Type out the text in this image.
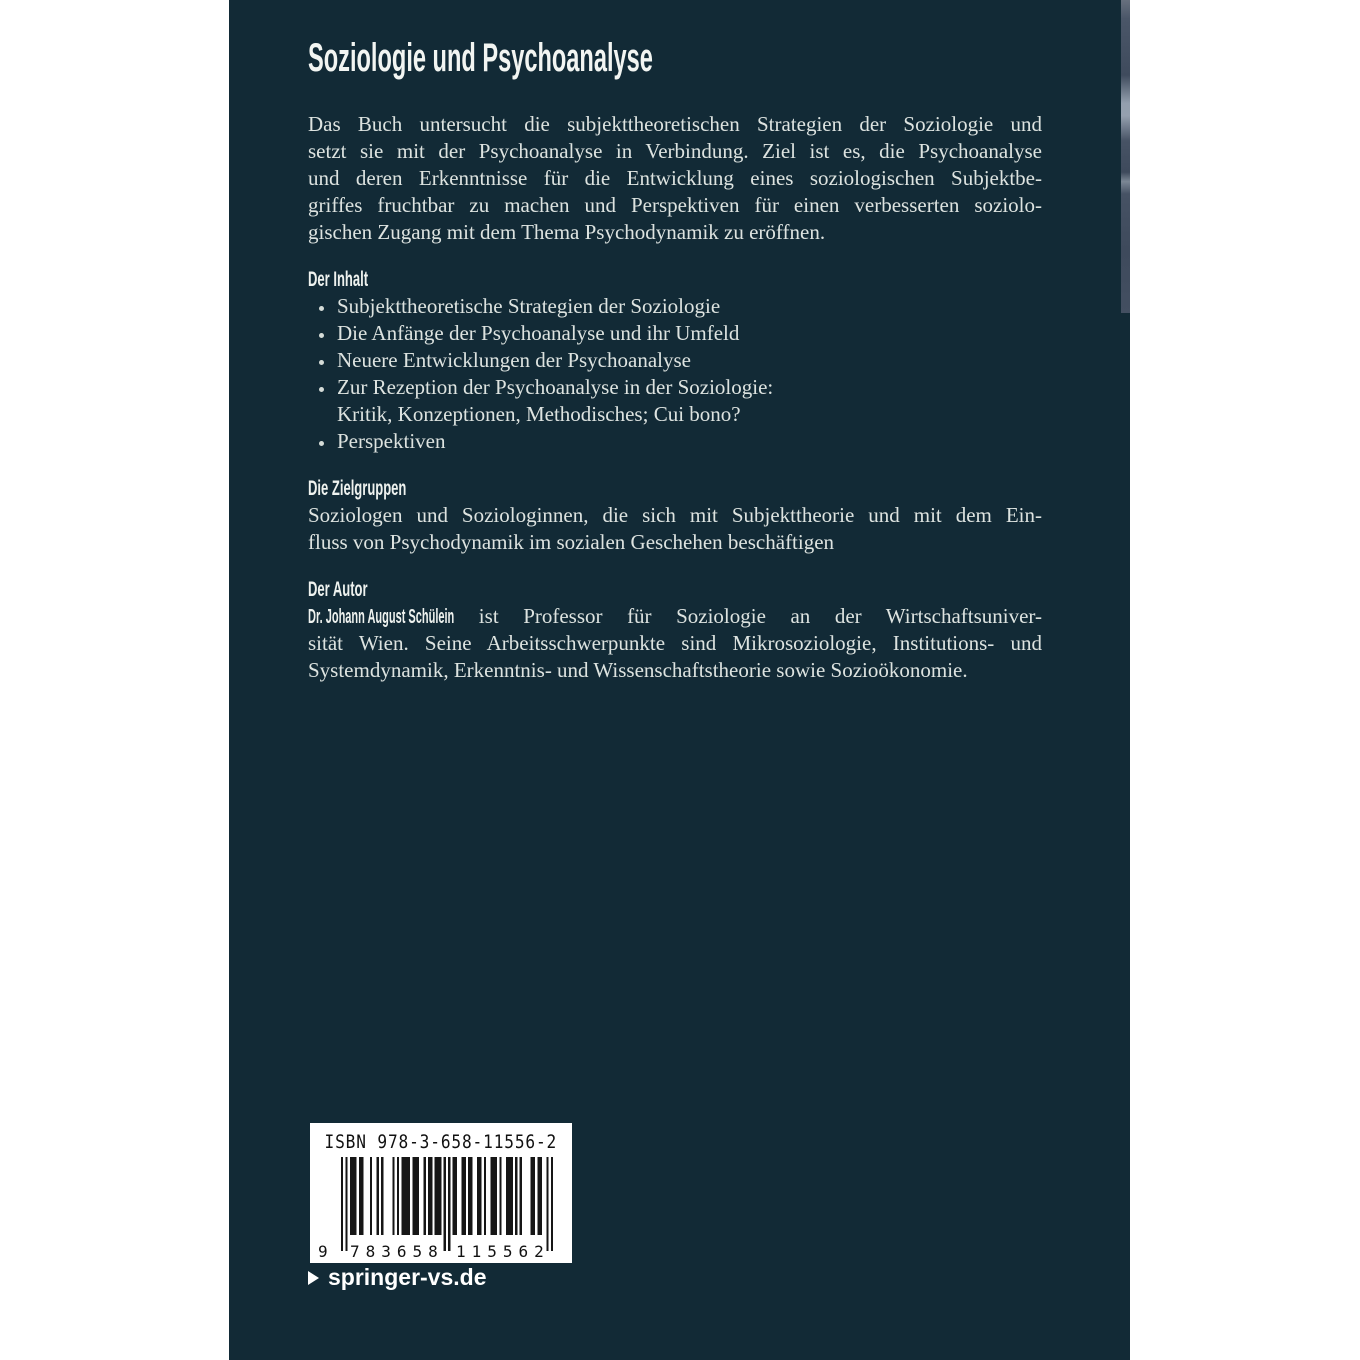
Soziologie und Psychoanalyse
Das Buch untersucht die subjekttheoretischen Strategien der Soziologie und
setzt sie mit der Psychoanalyse in Verbindung. Ziel ist es, die Psychoanalyse
und deren Erkenntnisse für die Entwicklung eines soziologischen Subjektbe-
griffes fruchtbar zu machen und Perspektiven für einen verbesserten soziolo-
gischen Zugang mit dem Thema Psychodynamik zu eröffnen.
Der Inhalt
Subjekttheoretische Strategien der Soziologie
Die Anfänge der Psychoanalyse und ihr Umfeld
Neuere Entwicklungen der Psychoanalyse
Zur Rezeption der Psychoanalyse in der Soziologie:
Kritik, Konzeptionen, Methodisches; Cui bono?
Perspektiven
Die Zielgruppen
Soziologen und Soziologinnen, die sich mit Subjekttheorie und mit dem Ein-
fluss von Psychodynamik im sozialen Geschehen beschäftigen
Der Autor
Dr. Johann August Schülein ist Professor für Soziologie an der Wirtschaftsuniver-
sität Wien. Seine Arbeitsschwerpunkte sind Mikrosoziologie, Institutions- und
Systemdynamik, Erkenntnis- und Wissenschaftstheorie sowie Sozioökonomie.
ISBN 978-3-658-11556-2
9 783658 115562
springer-vs.de
